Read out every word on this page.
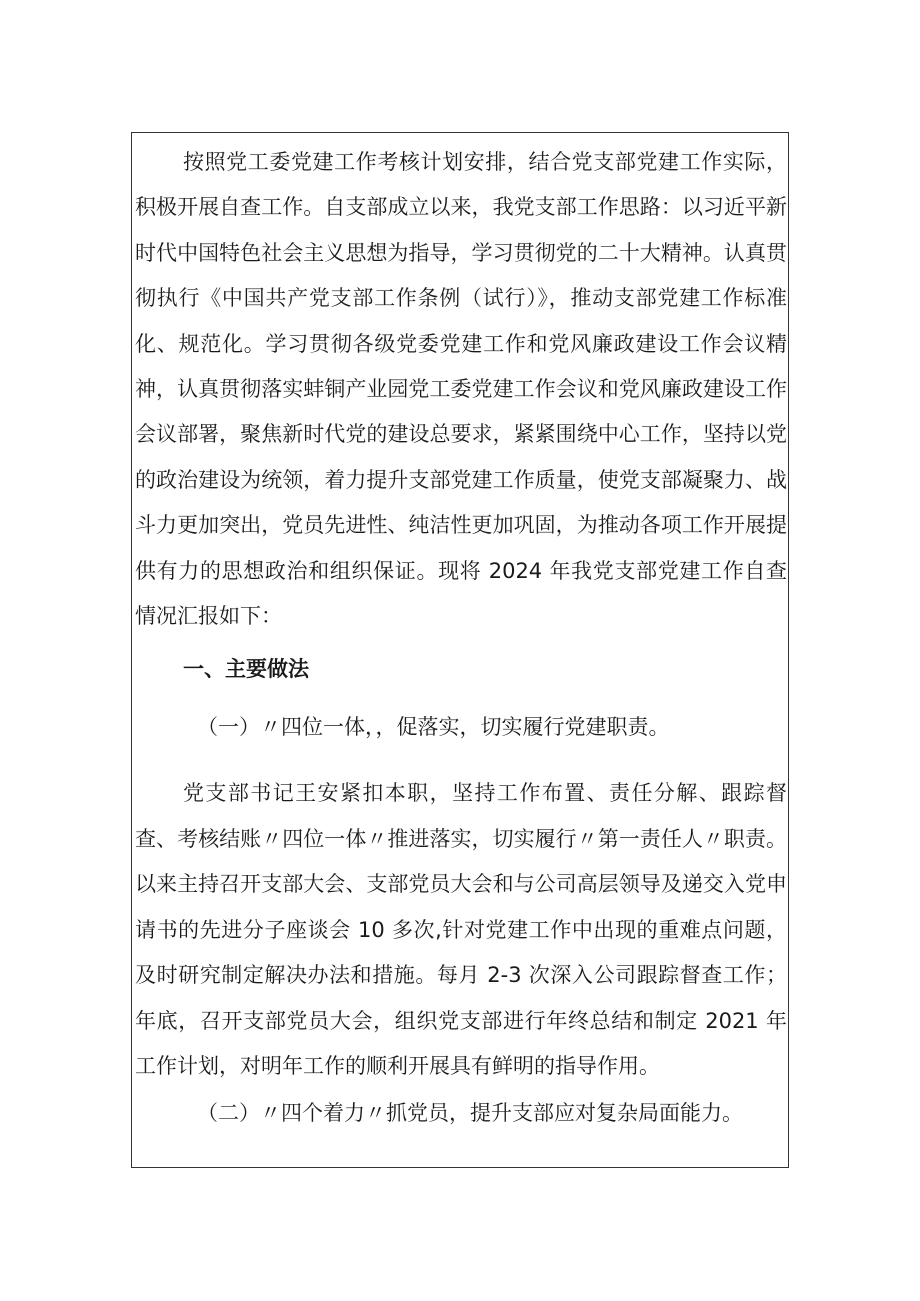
按照党工委党建工作考核计划安排，结合党支部党建工作实际，积极开展自查工作。自支部成立以来，我党支部工作思路：以习近平新时代中国特色社会主义思想为指导，学习贯彻党的二十大精神。认真贯彻执行《中国共产党支部工作条例（试行）》，推动支部党建工作标准化、规范化。学习贯彻各级党委党建工作和党风廉政建设工作会议精神，认真贯彻落实蚌铜产业园党工委党建工作会议和党风廉政建设工作会议部署，聚焦新时代党的建设总要求，紧紧围绕中心工作，坚持以党的政治建设为统领，着力提升支部党建工作质量，使党支部凝聚力、战斗力更加突出，党员先进性、纯洁性更加巩固，为推动各项工作开展提供有力的思想政治和组织保证。现将 2024 年我党支部党建工作自查情况汇报如下：

一、主要做法

（一）〃四位一体，，促落实，切实履行党建职责。

党支部书记王安紧扣本职，坚持工作布置、责任分解、跟踪督查、考核结账〃四位一体〃推进落实，切实履行〃第一责任人〃职责。以来主持召开支部大会、支部党员大会和与公司高层领导及递交入党申请书的先进分子座谈会 10 多次,针对党建工作中出现的重难点问题，及时研究制定解决办法和措施。每月 2-3 次深入公司跟踪督查工作；年底，召开支部党员大会，组织党支部进行年终总结和制定 2021 年工作计划，对明年工作的顺利开展具有鲜明的指导作用。

（二）〃四个着力〃抓党员，提升支部应对复杂局面能力。
